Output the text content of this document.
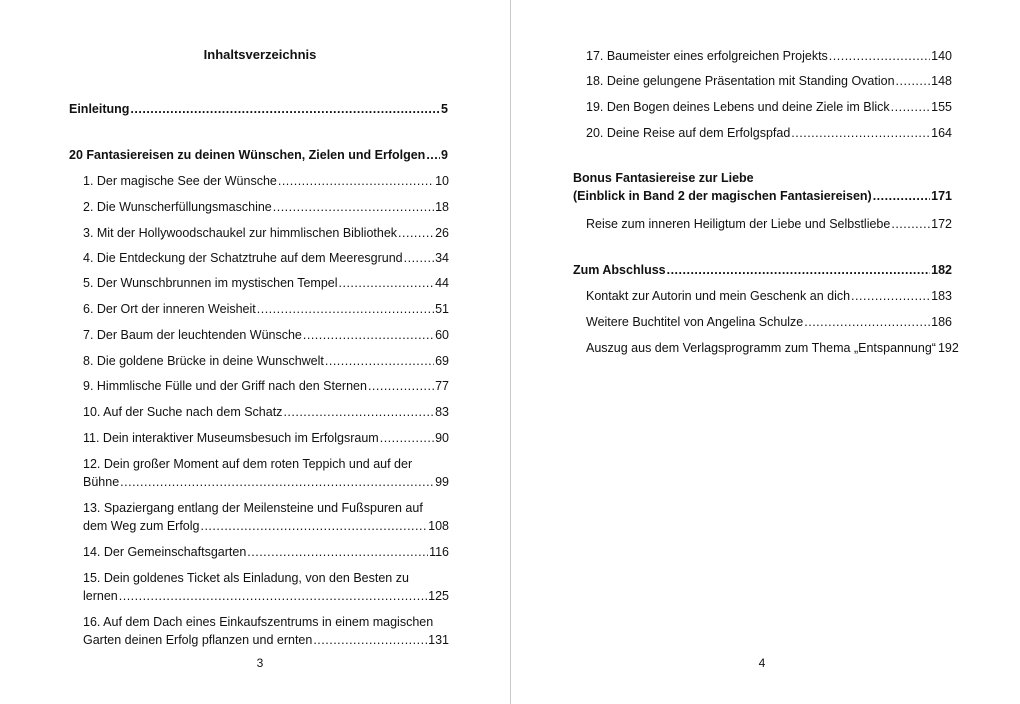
Inhaltsverzeichnis
Einleitung .....	5
20 Fantasiereisen zu deinen Wünschen, Zielen und Erfolgen ..... 9
1. Der magische See der Wünsche .....	10
2. Die Wunscherfüllungsmaschine .....	18
3. Mit der Hollywoodschaukel zur himmlischen Bibliothek .....	26
4. Die Entdeckung der Schatztruhe auf dem Meeresgrund .....	34
5. Der Wunschbrunnen im mystischen Tempel .....	44
6. Der Ort der inneren Weisheit .....	51
7. Der Baum der leuchtenden Wünsche .....	60
8. Die goldene Brücke in deine Wunschwelt .....	69
9. Himmlische Fülle und der Griff nach den Sternen .....	77
10. Auf der Suche nach dem Schatz .....	83
11. Dein interaktiver Museumsbesuch im Erfolgsraum .....	90
12. Dein großer Moment auf dem roten Teppich und auf der
Bühne .....	99
13. Spaziergang entlang der Meilensteine und Fußspuren auf
dem Weg zum Erfolg .....	108
14. Der Gemeinschaftsgarten .....	116
15. Dein goldenes Ticket als Einladung, von den Besten zu
lernen .....	125
16. Auf dem Dach eines Einkaufszentrums in einem magischen
Garten deinen Erfolg pflanzen und ernten .....	131
3
17. Baumeister eines erfolgreichen Projekts .....	140
18. Deine gelungene Präsentation mit Standing Ovation .....	148
19. Den Bogen deines Lebens und deine Ziele im Blick .....	155
20. Deine Reise auf dem Erfolgspfad .....	164
Bonus Fantasiereise zur Liebe
(Einblick in Band 2 der magischen Fantasiereisen) .....	171
Reise zum inneren Heiligtum der Liebe und Selbstliebe .....	172
Zum Abschluss .....	182
Kontakt zur Autorin und mein Geschenk an dich .....	183
Weitere Buchtitel von Angelina Schulze .....	186
Auszug aus dem Verlagsprogramm zum Thema „Entspannung“ 192
4
